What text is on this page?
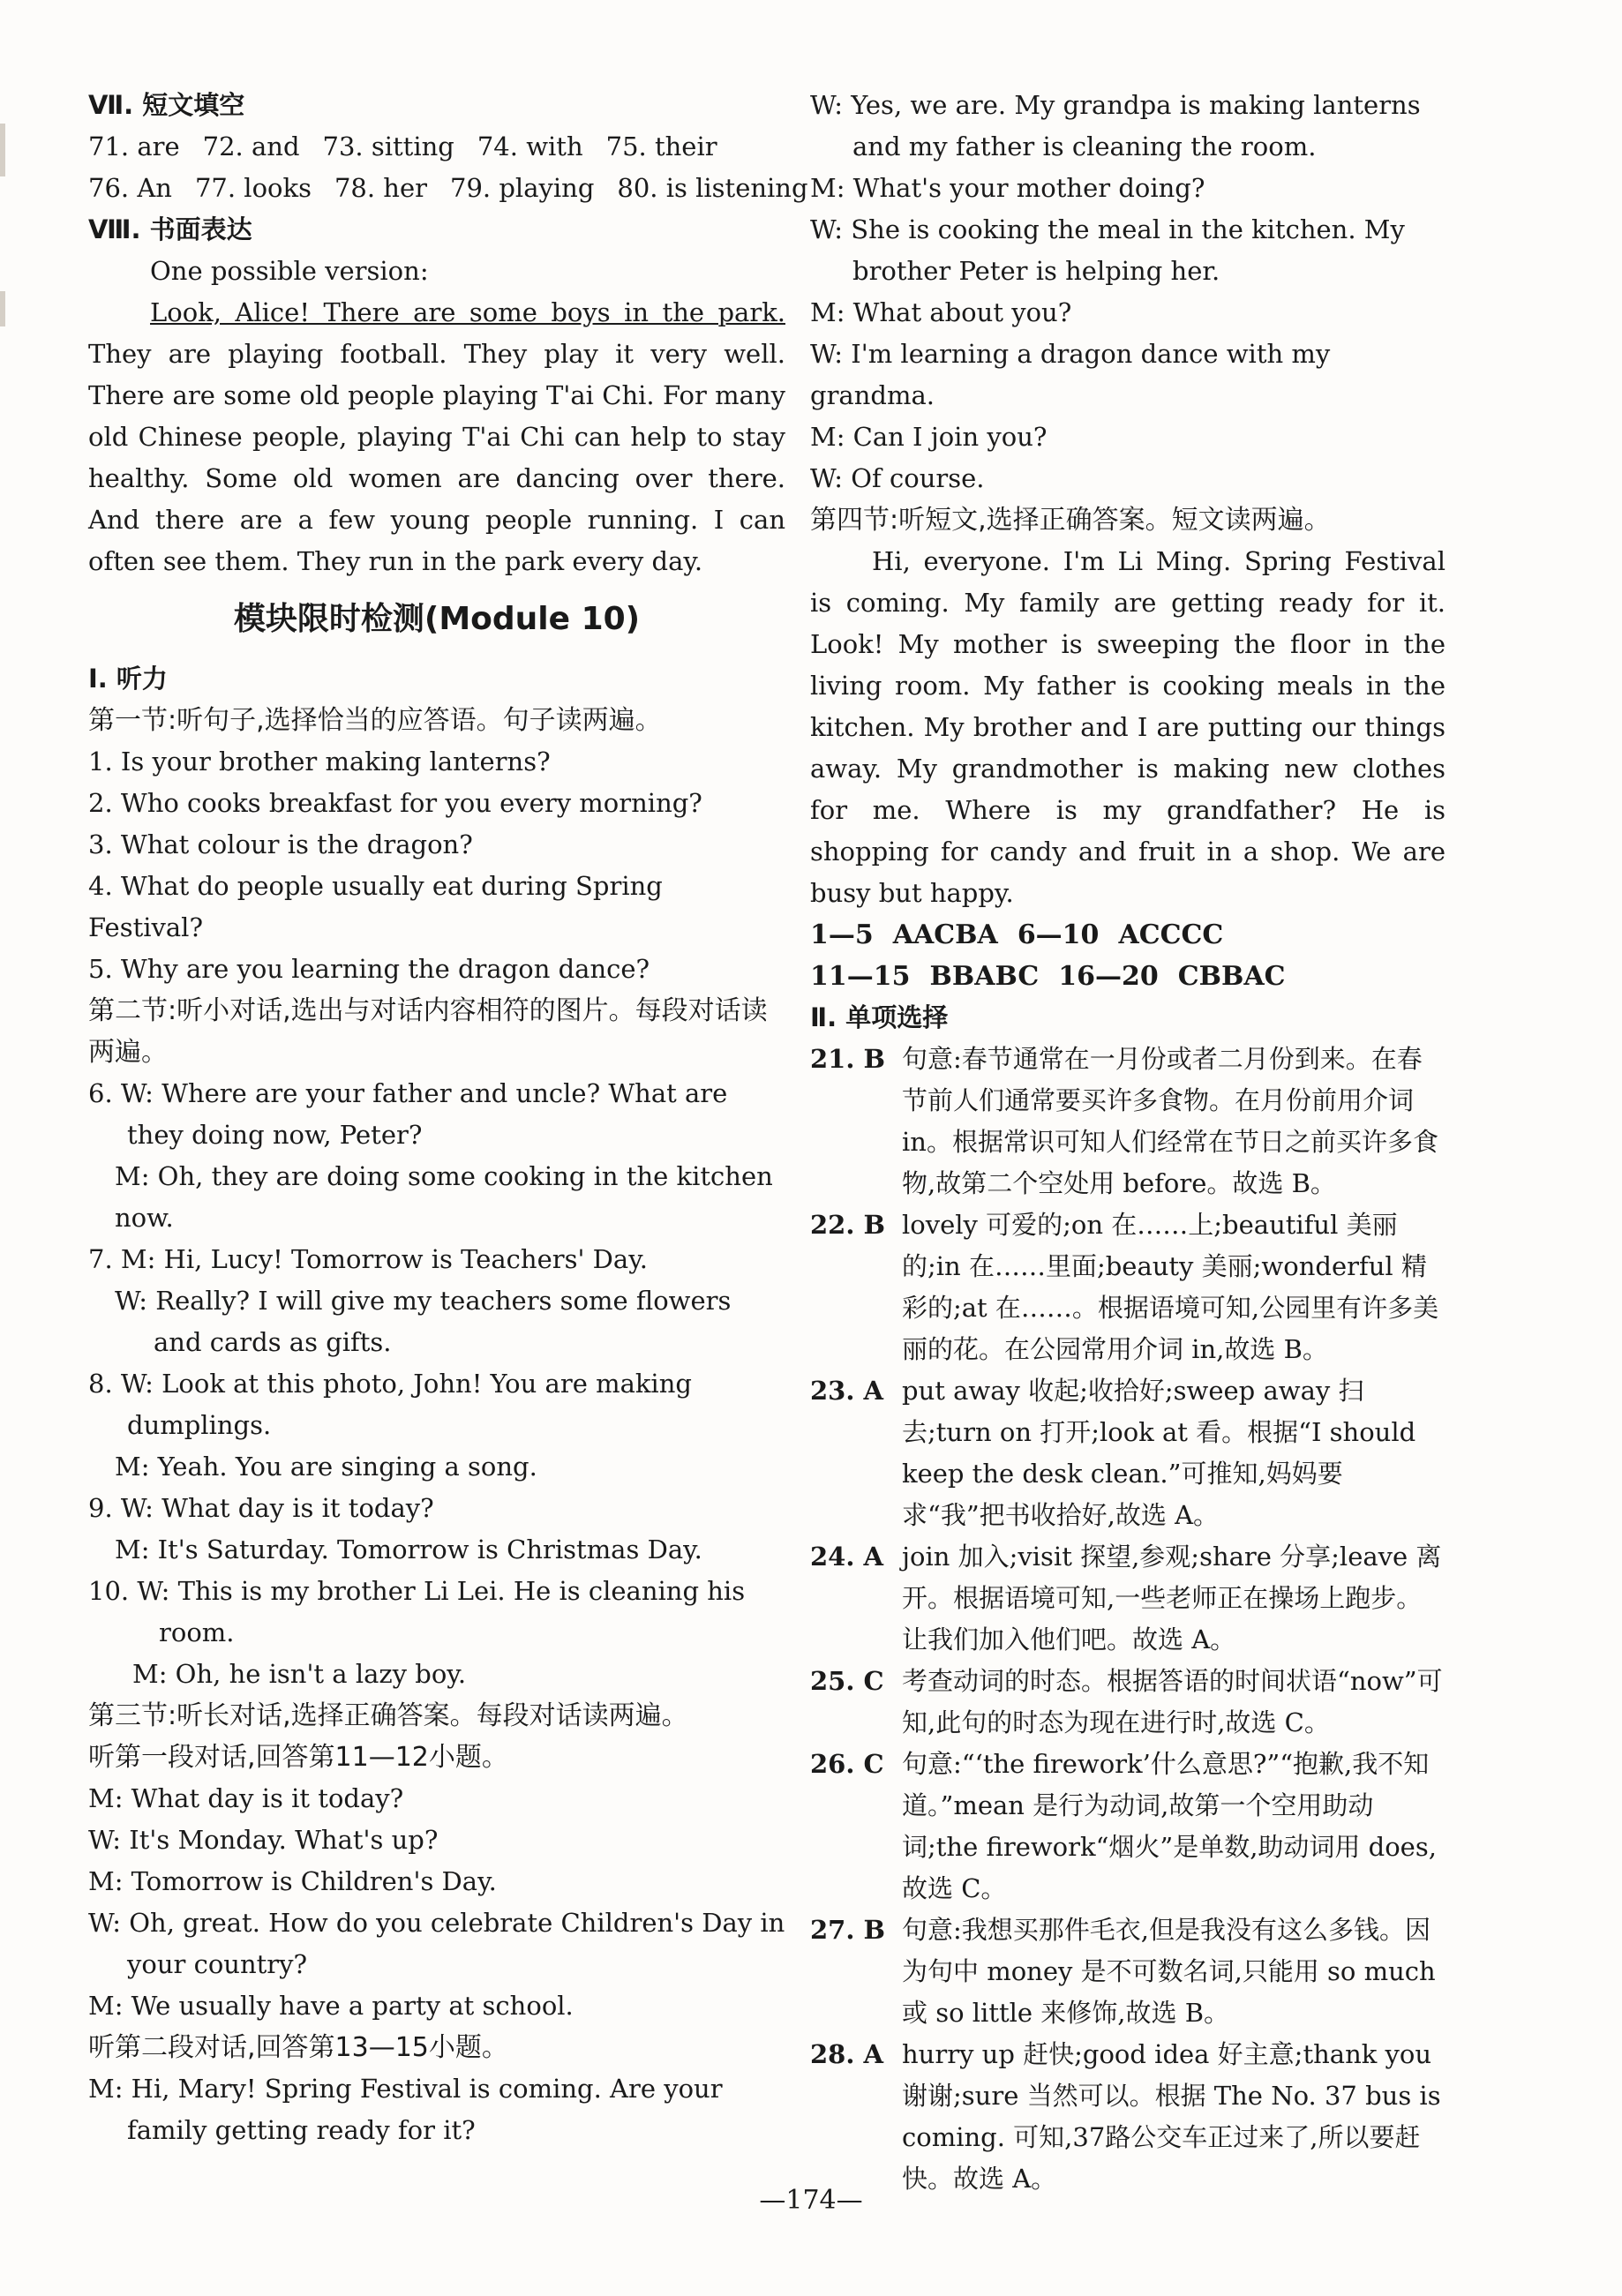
Ⅶ. 短文填空

71. are 72. and 73. sitting 74. with 75. their
76. An 77. looks 78. her 79. playing 80. is listening

Ⅷ. 书面表达

One possible version:

Look, Alice! There are some boys in the park. They are playing football. They play it very well. There are some old people playing T'ai Chi. For many old Chinese people, playing T'ai Chi can help to stay healthy. Some old women are dancing over there. And there are a few young people running. I can often see them. They run in the park every day.

模块限时检测(Module 10)

Ⅰ. 听力

第一节:听句子,选择恰当的应答语。句子读两遍。

1. Is your brother making lanterns?

2. Who cooks breakfast for you every morning?

3. What colour is the dragon?

4. What do people usually eat during Spring Festival?

5. Why are you learning the dragon dance?

第二节:听小对话,选出与对话内容相符的图片。每段对话读两遍。

6. W: Where are your father and uncle? What are they doing now, Peter?

M: Oh, they are doing some cooking in the kitchen now.

7. M: Hi, Lucy! Tomorrow is Teachers' Day.

W: Really? I will give my teachers some flowers and cards as gifts.

8. W: Look at this photo, John! You are making dumplings.

M: Yeah. You are singing a song.

9. W: What day is it today?

M: It's Saturday. Tomorrow is Christmas Day.

10. W: This is my brother Li Lei. He is cleaning his room.

M: Oh, he isn't a lazy boy.

第三节:听长对话,选择正确答案。每段对话读两遍。

听第一段对话,回答第11—12小题。

M: What day is it today?

W: It's Monday. What's up?

M: Tomorrow is Children's Day.

W: Oh, great. How do you celebrate Children's Day in your country?

M: We usually have a party at school.

听第二段对话,回答第13—15小题。

M: Hi, Mary! Spring Festival is coming. Are your family getting ready for it?

W: Yes, we are. My grandpa is making lanterns and my father is cleaning the room.

M: What's your mother doing?

W: She is cooking the meal in the kitchen. My brother Peter is helping her.

M: What about you?

W: I'm learning a dragon dance with my grandma.

M: Can I join you?

W: Of course.

第四节:听短文,选择正确答案。短文读两遍。

Hi, everyone. I'm Li Ming. Spring Festival is coming. My family are getting ready for it. Look! My mother is sweeping the floor in the living room. My father is cooking meals in the kitchen. My brother and I are putting our things away. My grandmother is making new clothes for me. Where is my grandfather? He is shopping for candy and fruit in a shop. We are busy but happy.

1—5 AACBA 6—10 ACCCC
11—15 BBABC 16—20 CBBAC

Ⅱ. 单项选择

21. B 句意:春节通常在一月份或者二月份到来。在春节前人们通常要买许多食物。在月份前用介词 in。根据常识可知人们经常在节日之前买许多食物,故第二个空处用 before。故选 B。
22. B lovely 可爱的;on 在……上;beautiful 美丽的;in 在……里面;beauty 美丽;wonderful 精彩的;at 在……。根据语境可知,公园里有许多美丽的花。在公园常用介词 in,故选 B。
23. A put away 收起;收拾好;sweep away 扫去;turn on 打开;look at 看。根据“I should keep the desk clean.”可推知,妈妈要求“我”把书收拾好,故选 A。
24. A join 加入;visit 探望,参观;share 分享;leave 离开。根据语境可知,一些老师正在操场上跑步。让我们加入他们吧。故选 A。
25. C 考查动词的时态。根据答语的时间状语“now”可知,此句的时态为现在进行时,故选 C。
26. C 句意:“‘the firework’什么意思?”“抱歉,我不知道。”mean 是行为动词,故第一个空用助动词;the firework“烟火”是单数,助动词用 does,故选 C。
27. B 句意:我想买那件毛衣,但是我没有这么多钱。因为句中 money 是不可数名词,只能用 so much 或 so little 来修饰,故选 B。
28. A hurry up 赶快;good idea 好主意;thank you 谢谢;sure 当然可以。根据 The No. 37 bus is coming. 可知,37路公交车正过来了,所以要赶快。故选 A。
—174—
